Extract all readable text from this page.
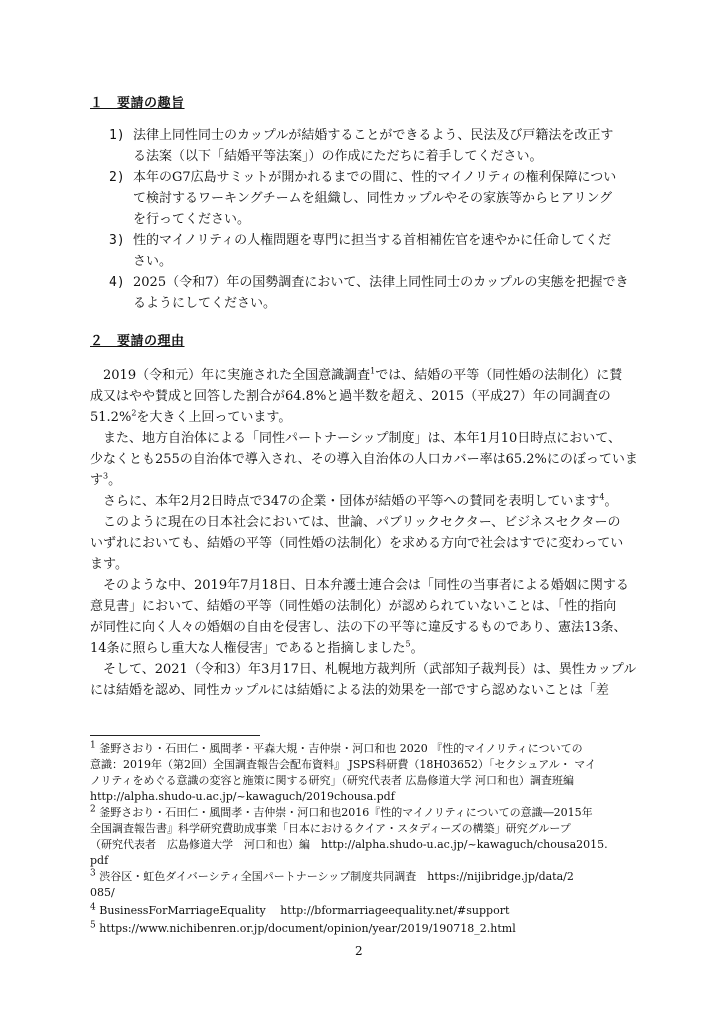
１　要請の趣旨
1) 法律上同性同士のカップルが結婚することができるよう、民法及び戸籍法を改正す
る法案（以下「結婚平等法案」）の作成にただちに着手してください。
2) 本年のG7広島サミットが開かれるまでの間に、性的マイノリティの権利保障につい
て検討するワーキングチームを組織し、同性カップルやその家族等からヒアリング
を行ってください。
3) 性的マイノリティの人権問題を専門に担当する首相補佐官を速やかに任命してくだ
さい。
4) 2025（令和7）年の国勢調査において、法律上同性同士のカップルの実態を把握でき
るようにしてください。
２　要請の理由
　2019（令和元）年に実施された全国意識調査$^1$では、結婚の平等（同性婚の法制化）に賛
成又はやや賛成と回答した割合が64.8%と過半数を超え、2015（平成27）年の同調査の
51.2%$^2$を大きく上回っています。
　また、地方自治体による「同性パートナーシップ制度」は、本年1月10日時点において、
少なくとも255の自治体で導入され、その導入自治体の人口カバー率は65.2%にのぼっていま
す$^3$。
　さらに、本年2月2日時点で347の企業・団体が結婚の平等への賛同を表明しています$^4$。
　このように現在の日本社会においては、世論、パブリックセクター、ビジネスセクターの
いずれにおいても、結婚の平等（同性婚の法制化）を求める方向で社会はすでに変わってい
ます。
　そのような中、2019年7月18日、日本弁護士連合会は「同性の当事者による婚姻に関する
意見書」において、結婚の平等（同性婚の法制化）が認められていないことは、「性的指向
が同性に向く人々の婚姻の自由を侵害し、法の下の平等に違反するものであり、憲法13条、
14条に照らし重大な人権侵害」であると指摘しました$^5$。
　そして、2021（令和3）年3月17日、札幌地方裁判所（武部知子裁判長）は、異性カップル
には結婚を認め、同性カップルには結婚による法的効果を一部ですら認めないことは「差
$^1$ 釜野さおり・石田仁・風間孝・平森大規・吉仲崇・河口和也 2020 『性的マイノリティについての
意識：2019年（第2回）全国調査報告会配布資料』 JSPS科研費（18H03652）「セクシュアル・ マイ
ノリティをめぐる意識の変容と施策に関する研究」（研究代表者 広島修道大学 河口和也）調査班編
http://alpha.shudo-u.ac.jp/~kawaguch/2019chousa.pdf
$^2$ 釜野さおり・石田仁・風間孝・吉仲崇・河口和也2016『性的マイノリティについての意識―2015年
全国調査報告書』科学研究費助成事業「日本におけるクイア・スタディーズの構築」研究グループ
（研究代表者　広島修道大学　河口和也）編　http://alpha.shudo-u.ac.jp/~kawaguch/chousa2015.
pdf
$^3$ 渋谷区・虹色ダイバーシティ全国パートナーシップ制度共同調査　https://nijibridge.jp/data/2
085/
$^4$ BusinessForMarriageEquality　 http://bformarriageequality.net/#support
$^5$ https://www.nichibenren.or.jp/document/opinion/year/2019/190718_2.html
2
